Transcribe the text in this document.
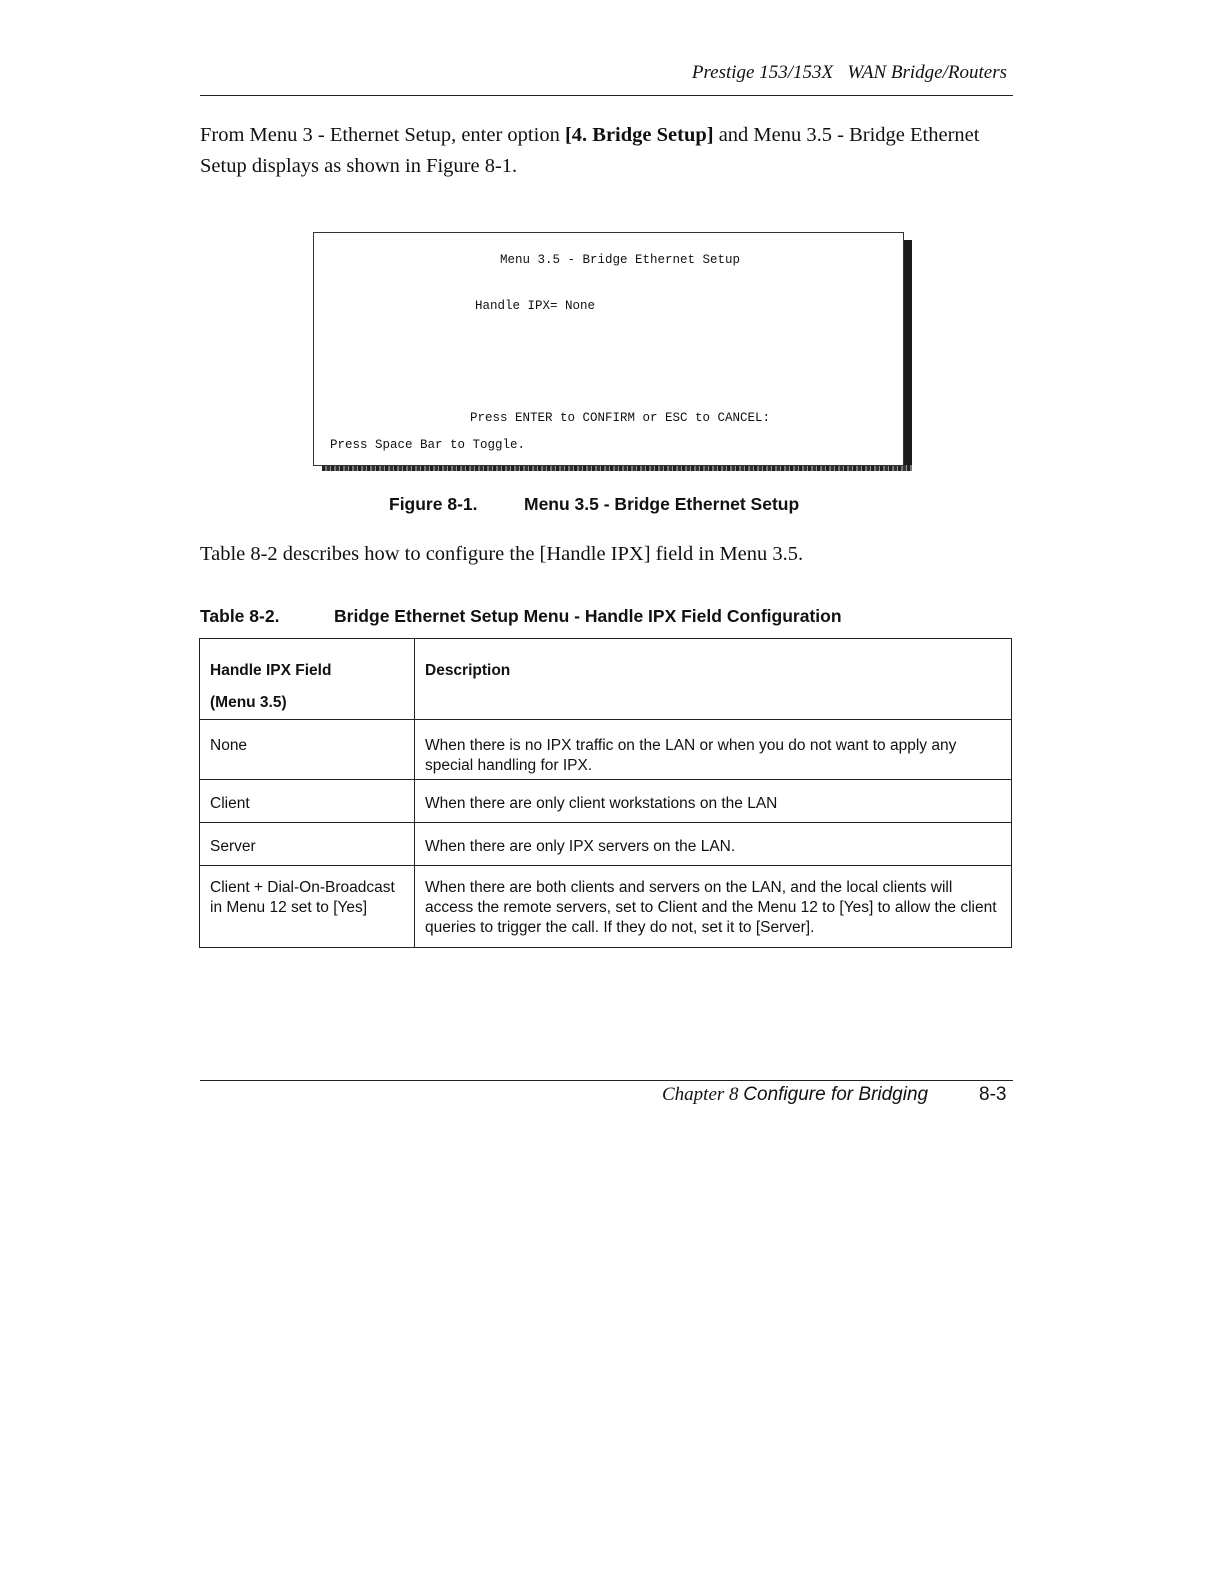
Prestige 153/153X   WAN Bridge/Routers
From Menu 3 - Ethernet Setup, enter option [4. Bridge Setup] and Menu 3.5 - Bridge Ethernet Setup displays as shown in Figure 8-1.
Menu 3.5 - Bridge Ethernet Setup
Handle IPX= None
Press ENTER to CONFIRM or ESC to CANCEL:
Press Space Bar to Toggle.
Figure 8-1.	Menu 3.5 - Bridge Ethernet Setup
Table 8-2 describes how to configure the [Handle IPX] field in Menu 3.5.
Table 8-2.	Bridge Ethernet Setup Menu - Handle IPX Field Configuration
Handle IPX Field
(Menu 3.5)	Description
None	When there is no IPX traffic on the LAN or when you do not want to apply any special handling for IPX.
Client	When there are only client workstations on the LAN
Server	When there are only IPX servers on the LAN.
Client + Dial-On-Broadcast in Menu 12 set to [Yes]	When there are both clients and servers on the LAN, and the local clients will access the remote servers, set to Client and the Menu 12 to [Yes] to allow the client queries to trigger the call. If they do not, set it to [Server].
Chapter 8 Configure for Bridging	8-3
